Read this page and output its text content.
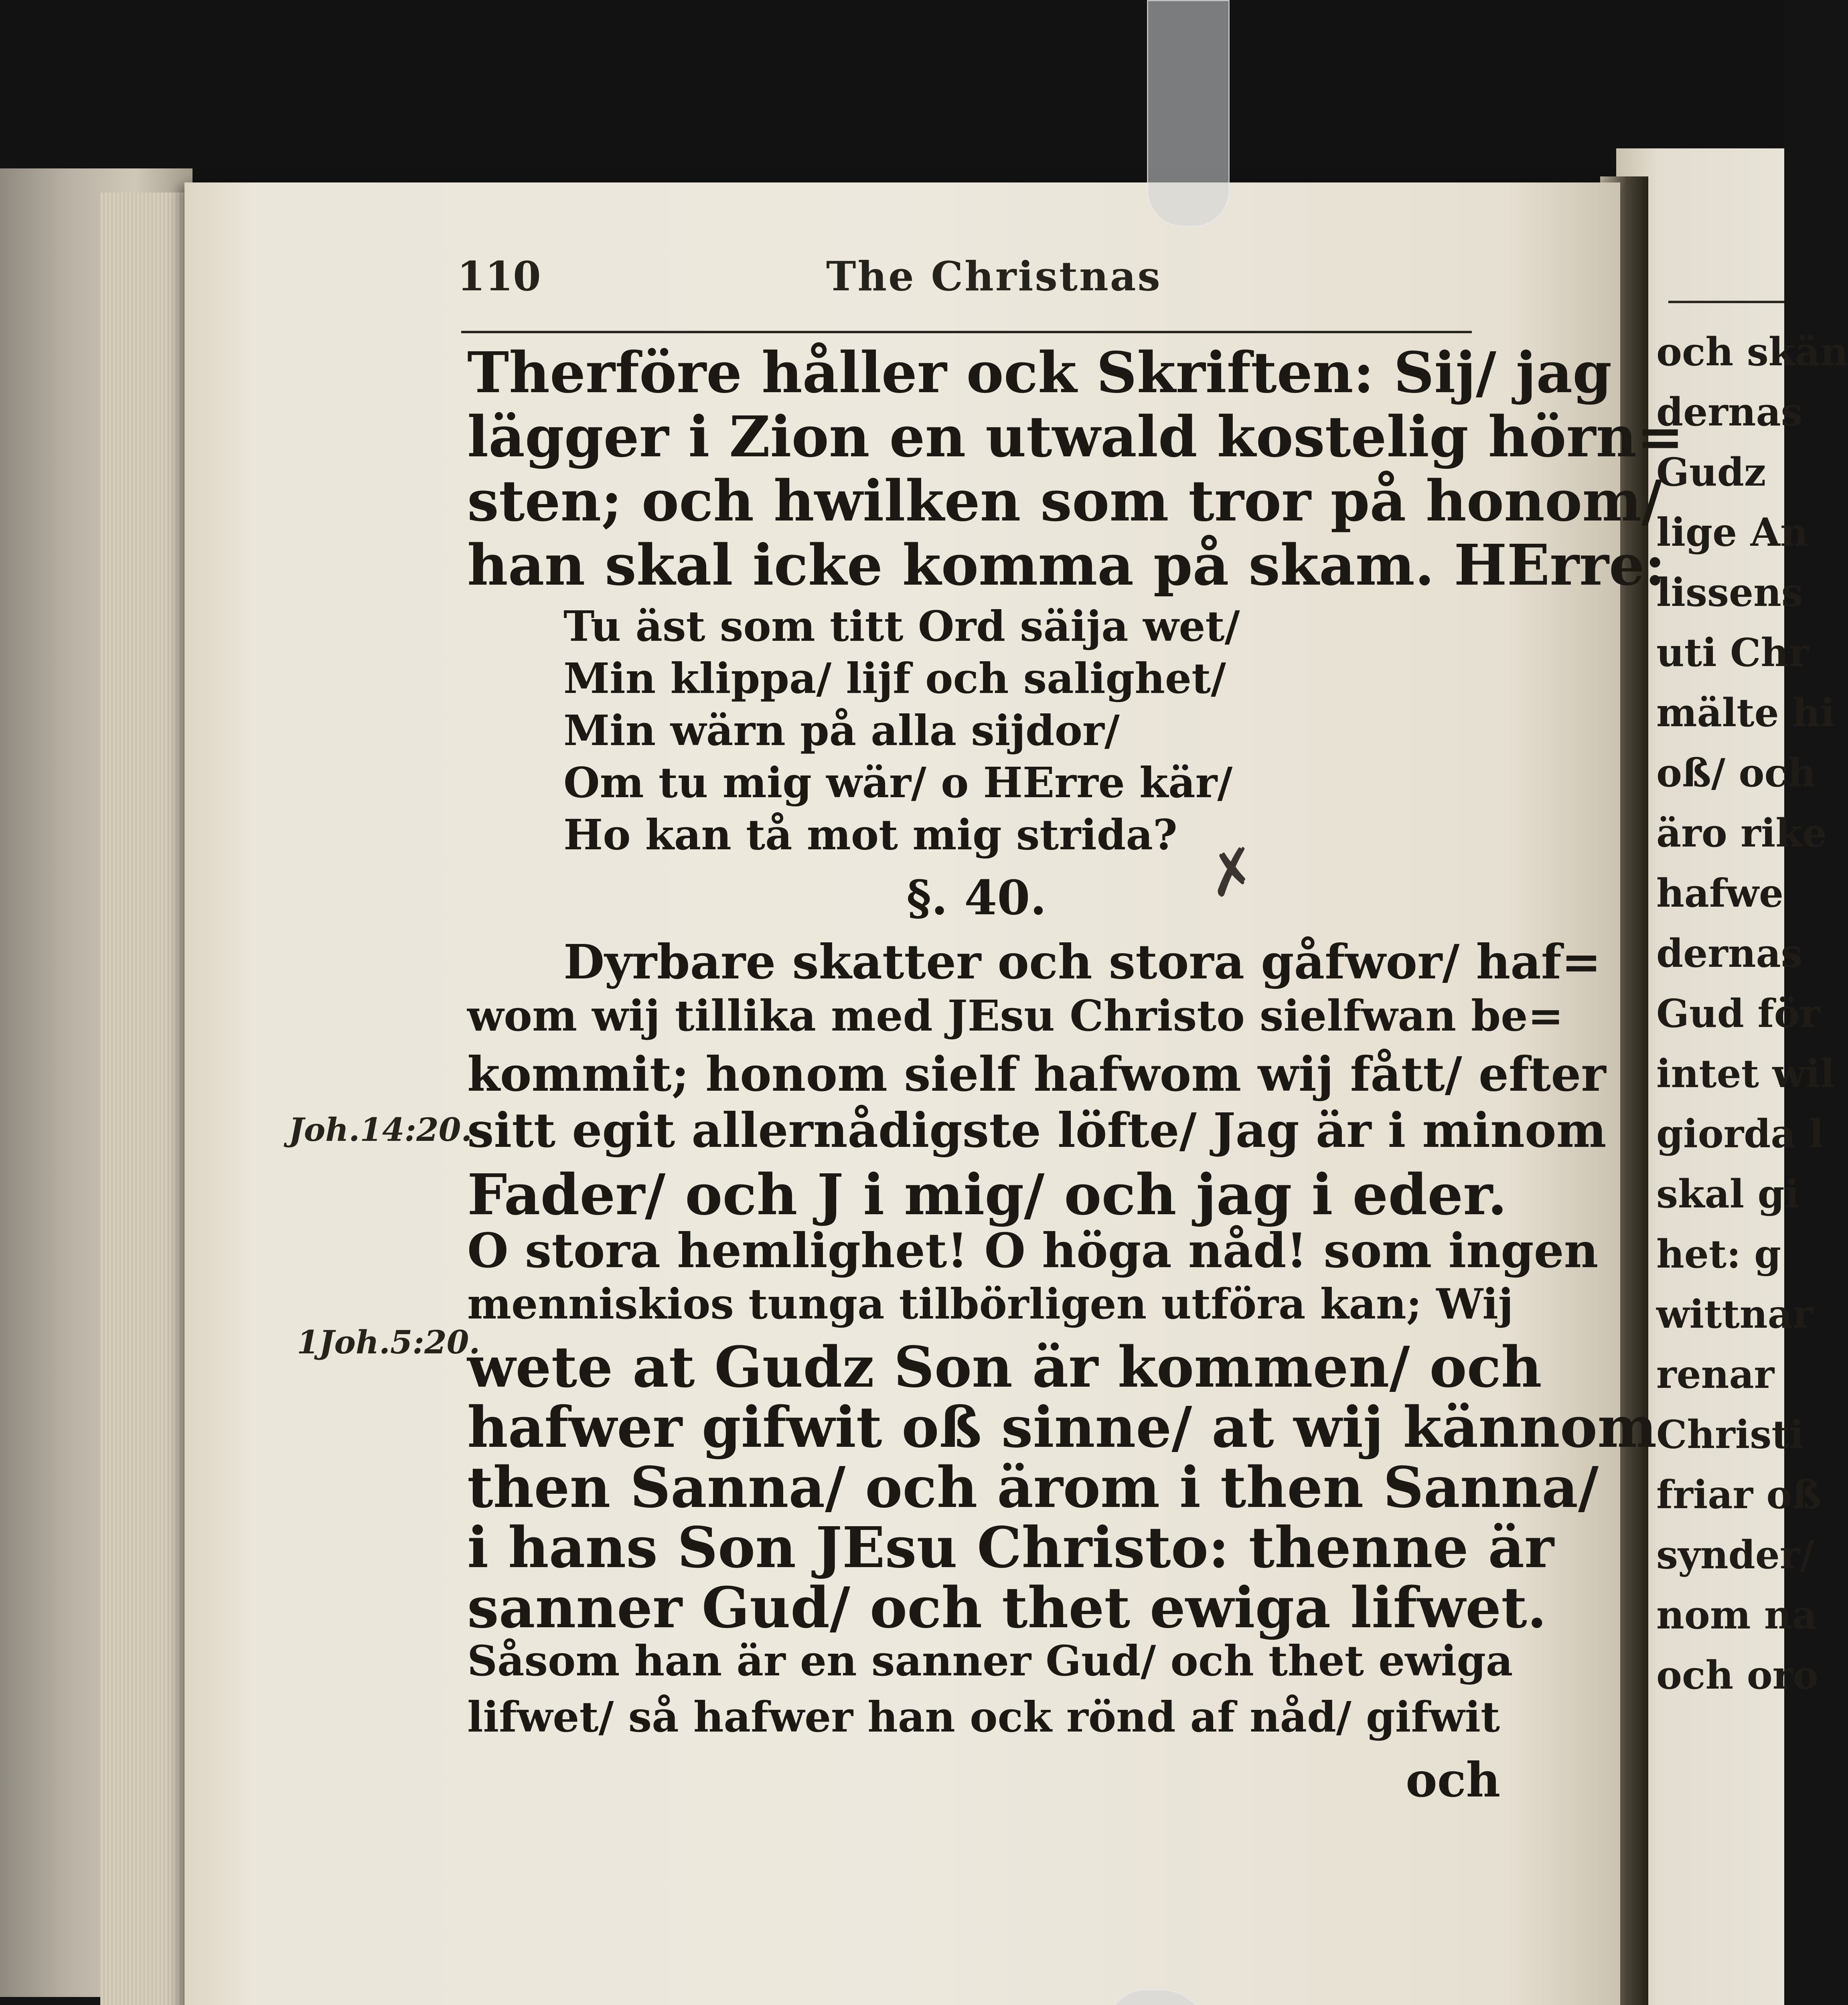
110	The Christnas
Therföre håller ock Skriften: Sij/ jag
lägger i Zion en utwald kostelig hörn=
sten; och hwilken som tror på honom/
han skal icke komma på skam. HErre:
Tu äst som titt Ord säija wet/
Min klippa/ lijf och salighet/
Min wärn på alla sijdor/
Om tu mig wär/ o HErre kär/
Ho kan tå mot mig strida?
§. 40.
Dyrbare skatter och stora gåfwor/ haf=
wom wij tillika med JEsu Christo sielfwan be=
kommit; honom sielf hafwom wij fått/ efter
sitt egit allernådigste löfte/ Jag är i minom
Fader/ och J i mig/ och jag i eder.
O stora hemlighet! O höga nåd! som ingen
menniskios tunga tilbörligen utföra kan; Wij
wete at Gudz Son är kommen/ och
hafwer gifwit oß sinne/ at wij kännom
then Sanna/ och ärom i then Sanna/
i hans Son JEsu Christo: thenne är
sanner Gud/ och thet ewiga lifwet.
Såsom han är en sanner Gud/ och thet ewiga
lifwet/ så hafwer han ock rönd af nåd/ gifwit
och
Joh.14:20.
1Joh.5:20.
✗
och skän
dernas
Gudz
lige An
lissens
uti Chr
mälte hi
oß/ och
äro rike
hafwe
dernas
Gud för
intet wil
giorda l
skal gi
het: g
wittnar
renar
Christi
friar oß
synder/
nom na
och oro
